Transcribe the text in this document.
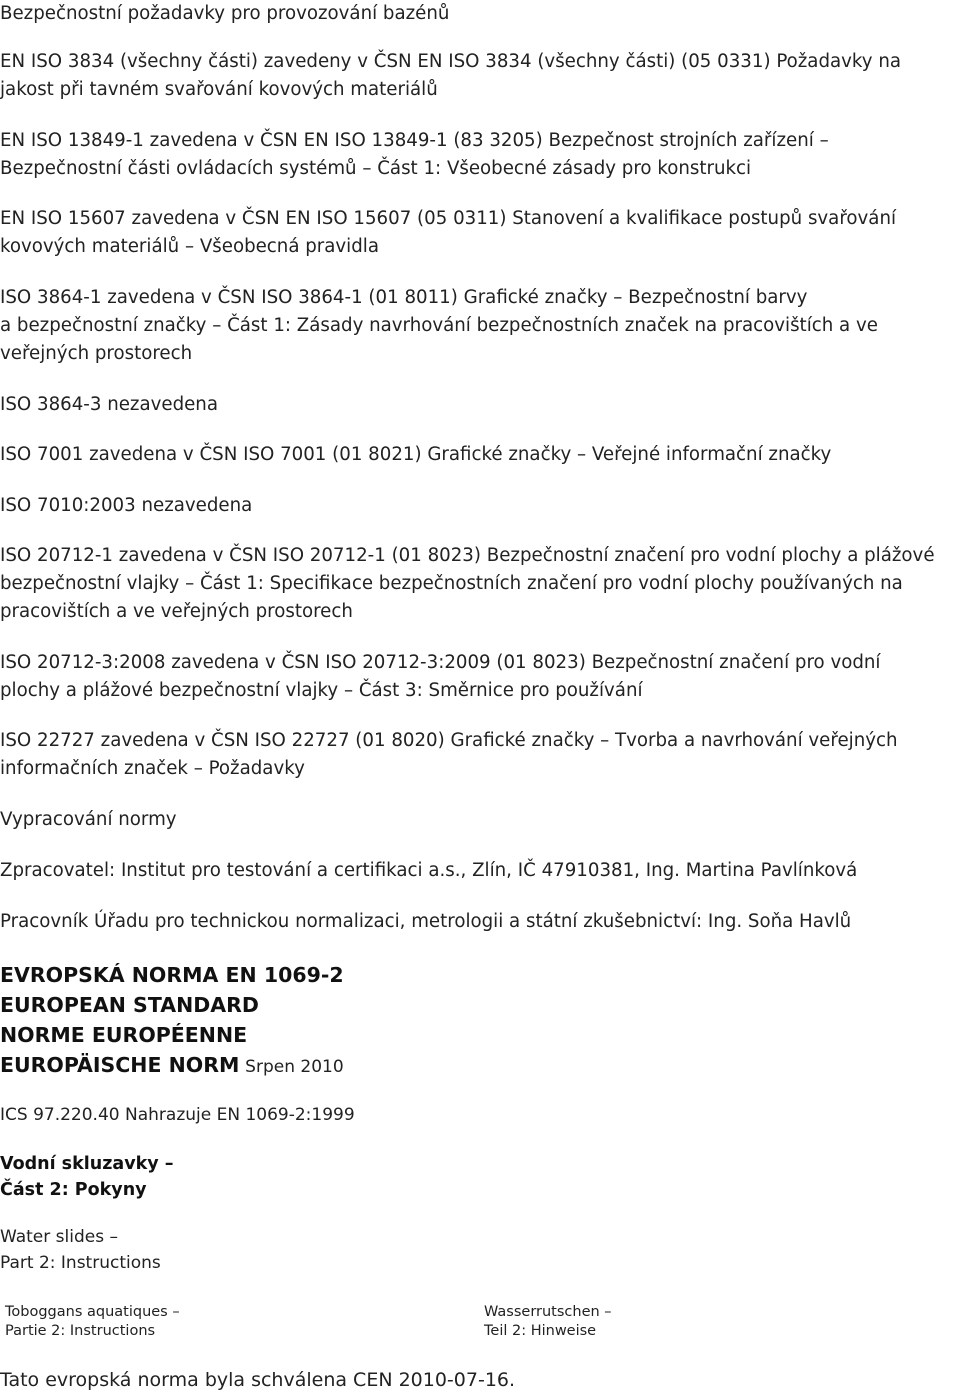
Bezpečnostní požadavky pro provozování bazénů

EN ISO 3834 (všechny části) zavedeny v ČSN EN ISO 3834 (všechny části) (05 0331) Požadavky na

jakost při tavném svařování kovových materiálů

EN ISO 13849-1 zavedena v ČSN EN ISO 13849-1 (83 3205) Bezpečnost strojních zařízení –

Bezpečnostní části ovládacích systémů – Část 1: Všeobecné zásady pro konstrukci

EN ISO 15607 zavedena v ČSN EN ISO 15607 (05 0311) Stanovení a kvalifikace postupů svařování

kovových materiálů – Všeobecná pravidla

ISO 3864-1 zavedena v ČSN ISO 3864-1 (01 8011) Grafické značky – Bezpečnostní barvy

a bezpečnostní značky – Část 1: Zásady navrhování bezpečnostních značek na pracovištích a ve

veřejných prostorech

ISO 3864-3 nezavedena

ISO 7001 zavedena v ČSN ISO 7001 (01 8021) Grafické značky – Veřejné informační značky

ISO 7010:2003 nezavedena

ISO 20712-1 zavedena v ČSN ISO 20712-1 (01 8023) Bezpečnostní značení pro vodní plochy a plážové

bezpečnostní vlajky – Část 1: Specifikace bezpečnostních značení pro vodní plochy používaných na

pracovištích a ve veřejných prostorech

ISO 20712-3:2008 zavedena v ČSN ISO 20712-3:2009 (01 8023) Bezpečnostní značení pro vodní

plochy a plážové bezpečnostní vlajky – Část 3: Směrnice pro používání

ISO 22727 zavedena v ČSN ISO 22727 (01 8020) Grafické značky – Tvorba a navrhování veřejných

informačních značek – Požadavky

Vypracování normy

Zpracovatel: Institut pro testování a certifikaci a.s., Zlín, IČ 47910381, Ing. Martina Pavlínková

Pracovník Úřadu pro technickou normalizaci, metrologii a státní zkušebnictví: Ing. Soňa Havlů

EVROPSKÁ NORMA EN 1069-2

EUROPEAN STANDARD

NORME EUROPÉENNE

EUROPÄISCHE NORM Srpen 2010

ICS 97.220.40 Nahrazuje EN 1069-2:1999

Vodní skluzavky –

Část 2: Pokyny

Water slides –

Part 2: Instructions

Toboggans aquatiques –

Partie 2: Instructions

Wasserrutschen –

Teil 2: Hinweise

Tato evropská norma byla schválena CEN 2010-07-16.
